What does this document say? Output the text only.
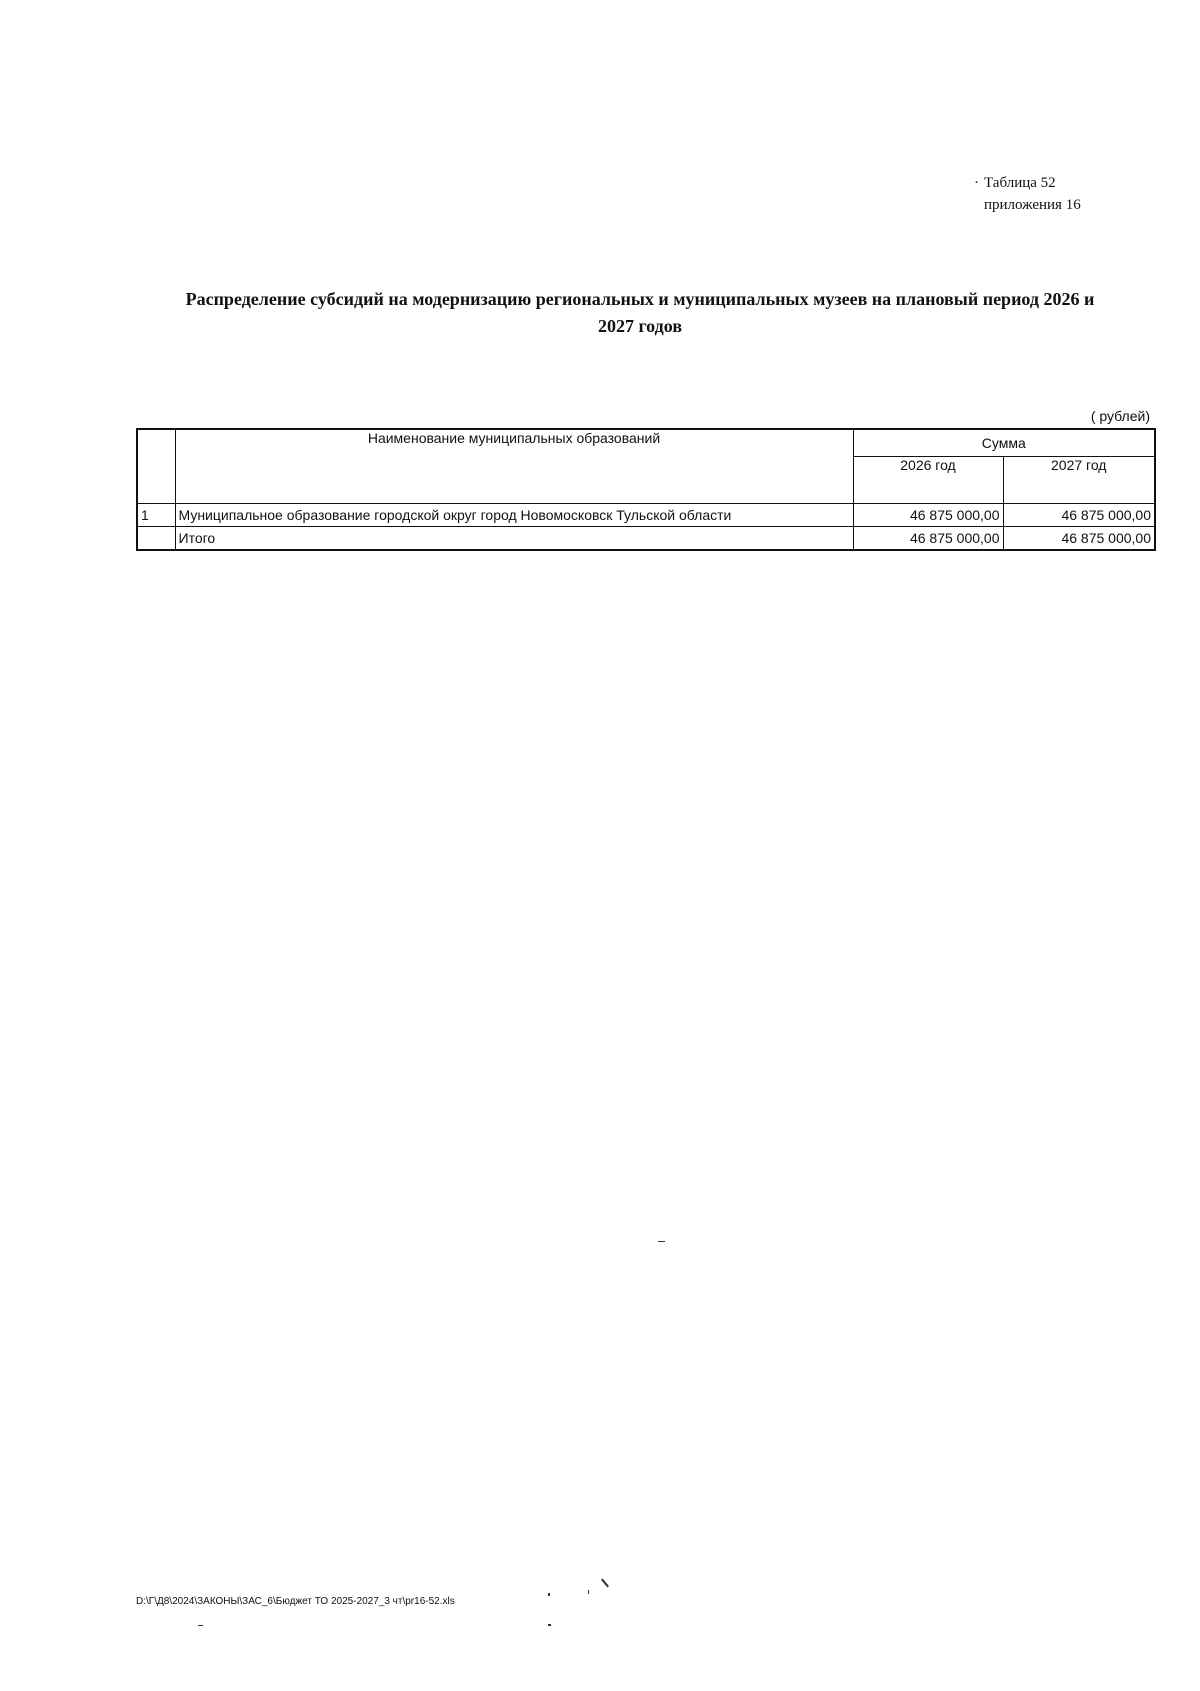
· Таблица 52
приложения 16
Распределение субсидий на модернизацию региональных и муниципальных музеев на плановый период 2026 и
2027 годов
( рублей)
	Наименование муниципальных образований	Сумма	
		2026 год	2027 год
1	Муниципальное образование городской округ город Новомосковск Тульской области	46 875 000,00	46 875 000,00
	Итого	46 875 000,00	46 875 000,00
D:\Г\Д8\2024\ЗАКОНЫ\ЗАС_6\Бюджет ТО 2025-2027_3 чт\pr16-52.xls
